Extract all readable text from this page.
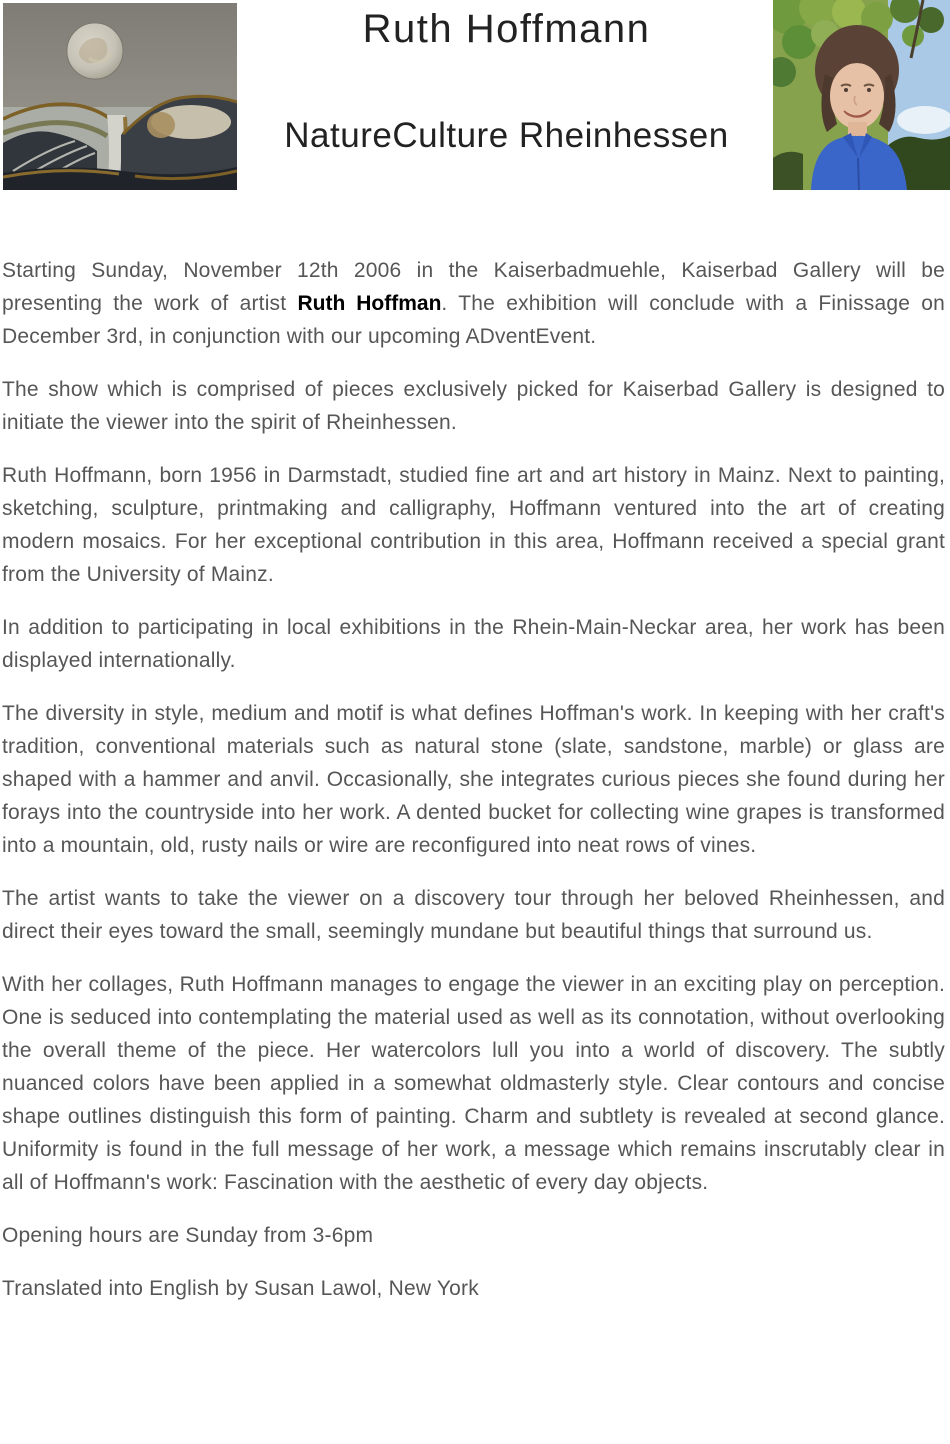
Ruth Hoffmann
NatureCulture Rheinhessen

Starting Sunday, November 12th 2006 in the Kaiserbadmuehle, Kaiserbad Gallery will be presenting the work of artist Ruth Hoffman. The exhibition will conclude with a Finissage on December 3rd, in conjunction with our upcoming ADventEvent.

The show which is comprised of pieces exclusively picked for Kaiserbad Gallery is designed to initiate the viewer into the spirit of Rheinhessen.

Ruth Hoffmann, born 1956 in Darmstadt, studied fine art and art history in Mainz. Next to painting, sketching, sculpture, printmaking and calligraphy, Hoffmann ventured into the art of creating modern mosaics. For her exceptional contribution in this area, Hoffmann received a special grant from the University of Mainz.

In addition to participating in local exhibitions in the Rhein-Main-Neckar area, her work has been displayed internationally.

The diversity in style, medium and motif is what defines Hoffman's work. In keeping with her craft's tradition, conventional materials such as natural stone (slate, sandstone, marble) or glass are shaped with a hammer and anvil. Occasionally, she integrates curious pieces she found during her forays into the countryside into her work. A dented bucket for collecting wine grapes is transformed into a mountain, old, rusty nails or wire are reconfigured into neat rows of vines.

The artist wants to take the viewer on a discovery tour through her beloved Rheinhessen, and direct their eyes toward the small, seemingly mundane but beautiful things that surround us.

With her collages, Ruth Hoffmann manages to engage the viewer in an exciting play on perception. One is seduced into contemplating the material used as well as its connotation, without overlooking the overall theme of the piece. Her watercolors lull you into a world of discovery. The subtly nuanced colors have been applied in a somewhat oldmasterly style. Clear contours and concise shape outlines distinguish this form of painting. Charm and subtlety is revealed at second glance. Uniformity is found in the full message of her work, a message which remains inscrutably clear in all of Hoffmann's work: Fascination with the aesthetic of every day objects.

Opening hours are Sunday from 3-6pm

Translated into English by Susan Lawol, New York
